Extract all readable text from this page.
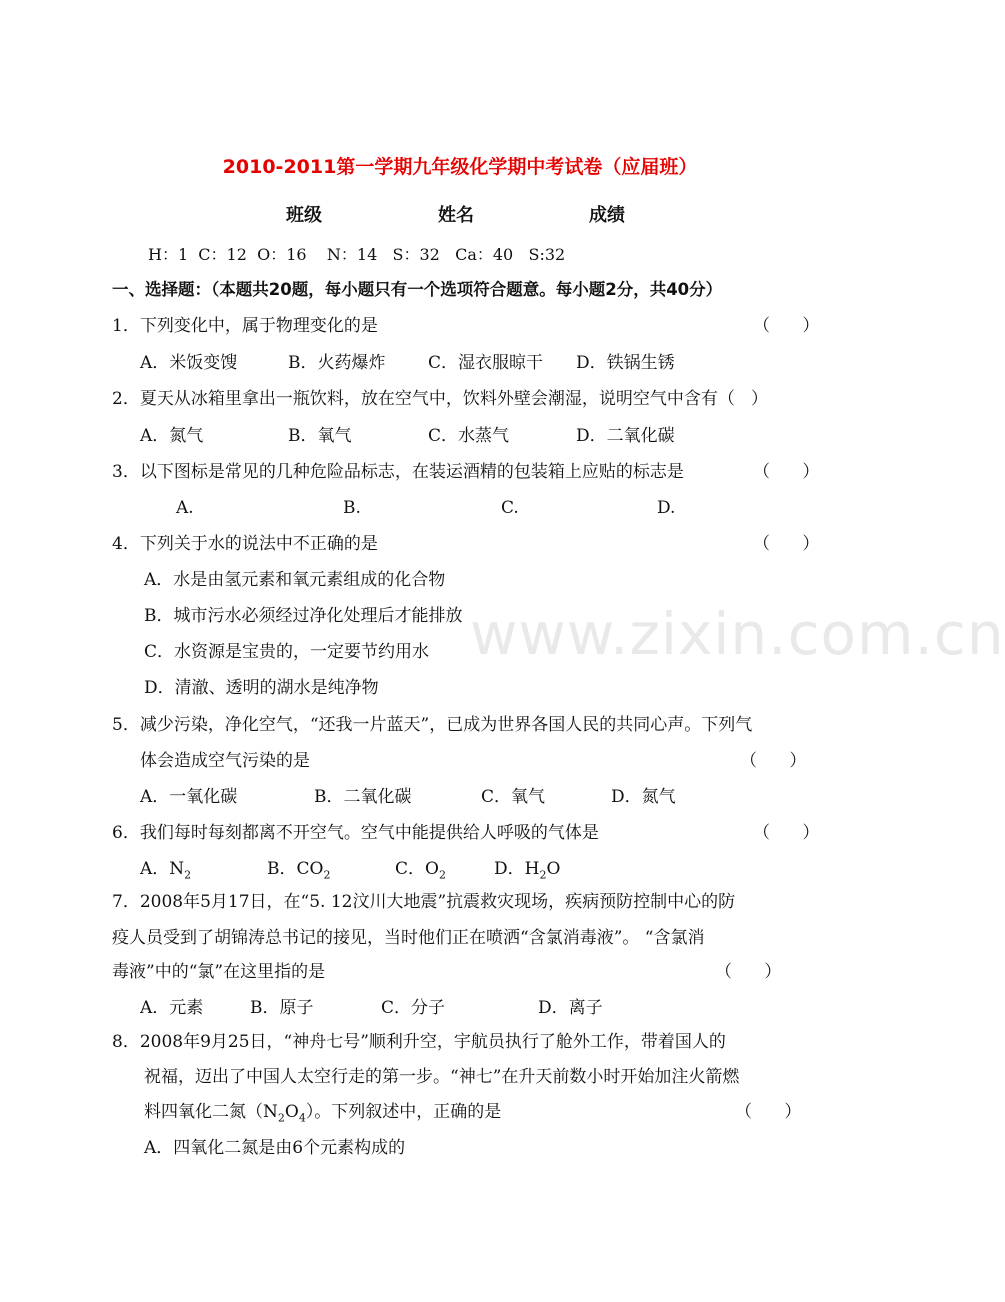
www.zixin.com.cn
2010-2011第一学期九年级化学期中考试卷（应届班）
班级	姓名	成绩
H：1  C：12  O：16    N：14   S：32   Ca：40   S:32
一、选择题：（本题共20题，每小题只有一个选项符合题意。每小题2分，共40分）
1．下列变化中，属于物理变化的是	（      ）
A．米饭变馊	B．火药爆炸	C．湿衣服晾干 D．铁锅生锈
2．夏天从冰箱里拿出一瓶饮料，放在空气中，饮料外壁会潮湿，说明空气中含有（   ）
A．氮气	B．氧气	C．水蒸气	D．二氧化碳
3．以下图标是常见的几种危险品标志，在装运酒精的包装箱上应贴的标志是	（      ）
A.	B.	C.	D.
4．下列关于水的说法中不正确的是	（      ）
A．水是由氢元素和氧元素组成的化合物
B．城市污水必须经过净化处理后才能排放
C．水资源是宝贵的，一定要节约用水
D．清澈、透明的湖水是纯净物
5．减少污染，净化空气，“还我一片蓝天”，已成为世界各国人民的共同心声。下列气
体会造成空气污染的是	（      ）
A．一氧化碳	B．二氧化碳	C．氧气	D．氮气
6．我们每时每刻都离不开空气。空气中能提供给人呼吸的气体是	（      ）
A．$N_2$	B．$CO_2$	C．$O_2$	D．$H_2O$
7．2008年5月17日，在“5. 12汶川大地震”抗震救灾现场，疾病预防控制中心的防
疫人员受到了胡锦涛总书记的接见，当时他们正在喷洒“含氯消毒液”。 “含氯消
毒液”中的“氯”在这里指的是	（      ）
A．元素	B．原子	C．分子	D．离子
8．2008年9月25日，“神舟七号”顺利升空，宇航员执行了舱外工作，带着国人的
祝福，迈出了中国人太空行走的第一步。“神七”在升天前数小时开始加注火箭燃
料四氧化二氮$(N_2O_4)$。下列叙述中，正确的是	（      ）
A．四氧化二氮是由6个元素构成的
